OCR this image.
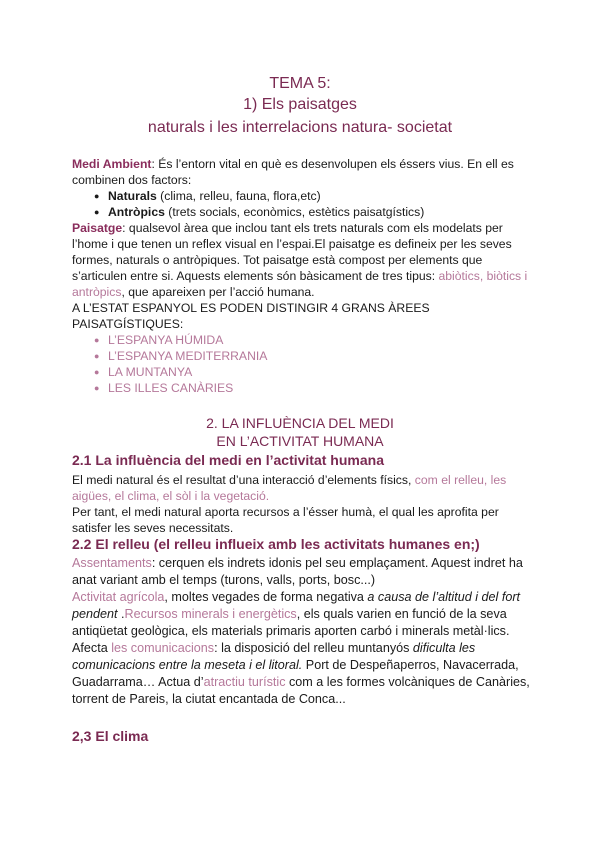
TEMA 5:
1) Els paisatges
naturals i les interrelacions natura- societat
Medi Ambient: És l’entorn vital en què es desenvolupen els éssers vius. En ell es combinen dos factors:
● Naturals (clima, relleu, fauna, flora,etc)
● Antròpics (trets socials, econòmics, estètics paisatgístics)
Paisatge: qualsevol àrea que inclou tant els trets naturals com els modelats per l’home i que tenen un reflex visual en l’espai.El paisatge es defineix per les seves formes, naturals o antròpiques. Tot paisatge està compost per elements que s’articulen entre si. Aquests elements són bàsicament de tres tipus: abiòtics, biòtics i antròpics, que apareixen per l’acció humana.
A L’ESTAT ESPANYOL ES PODEN DISTINGIR 4 GRANS ÀREES PAISATGÍSTIQUES:
● L’ESPANYA HÚMIDA
● L’ESPANYA MEDITERRANIA
● LA MUNTANYA
● LES ILLES CANÀRIES
2. LA INFLUÈNCIA DEL MEDI
EN L’ACTIVITAT HUMANA
2.1 La influència del medi en l’activitat humana
El medi natural és el resultat d’una interacció d’elements físics, com el relleu, les aigües, el clima, el sòl i la vegetació.
Per tant, el medi natural aporta recursos a l’ésser humà, el qual les aprofita per satisfer les seves necessitats.
2.2 El relleu (el relleu influeix amb les activitats humanes en;)
Assentaments: cerquen els indrets idonis pel seu emplaçament. Aquest indret ha anat variant amb el temps (turons, valls, ports, bosc...)
Activitat agrícola, moltes vegades de forma negativa a causa de l’altitud i del fort pendent .Recursos minerals i energètics, els quals varien en funció de la seva antiqüetat geològica, els materials primaris aporten carbó i minerals metàl·lics.
Afecta les comunicacions: la disposició del relleu muntanyós dificulta les comunicacions entre la meseta i el litoral. Port de Despeñaperros, Navacerrada, Guadarrama… Actua d’atractiu turístic com a les formes volcàniques de Canàries, torrent de Pareis, la ciutat encantada de Conca...
2,3 El clima
